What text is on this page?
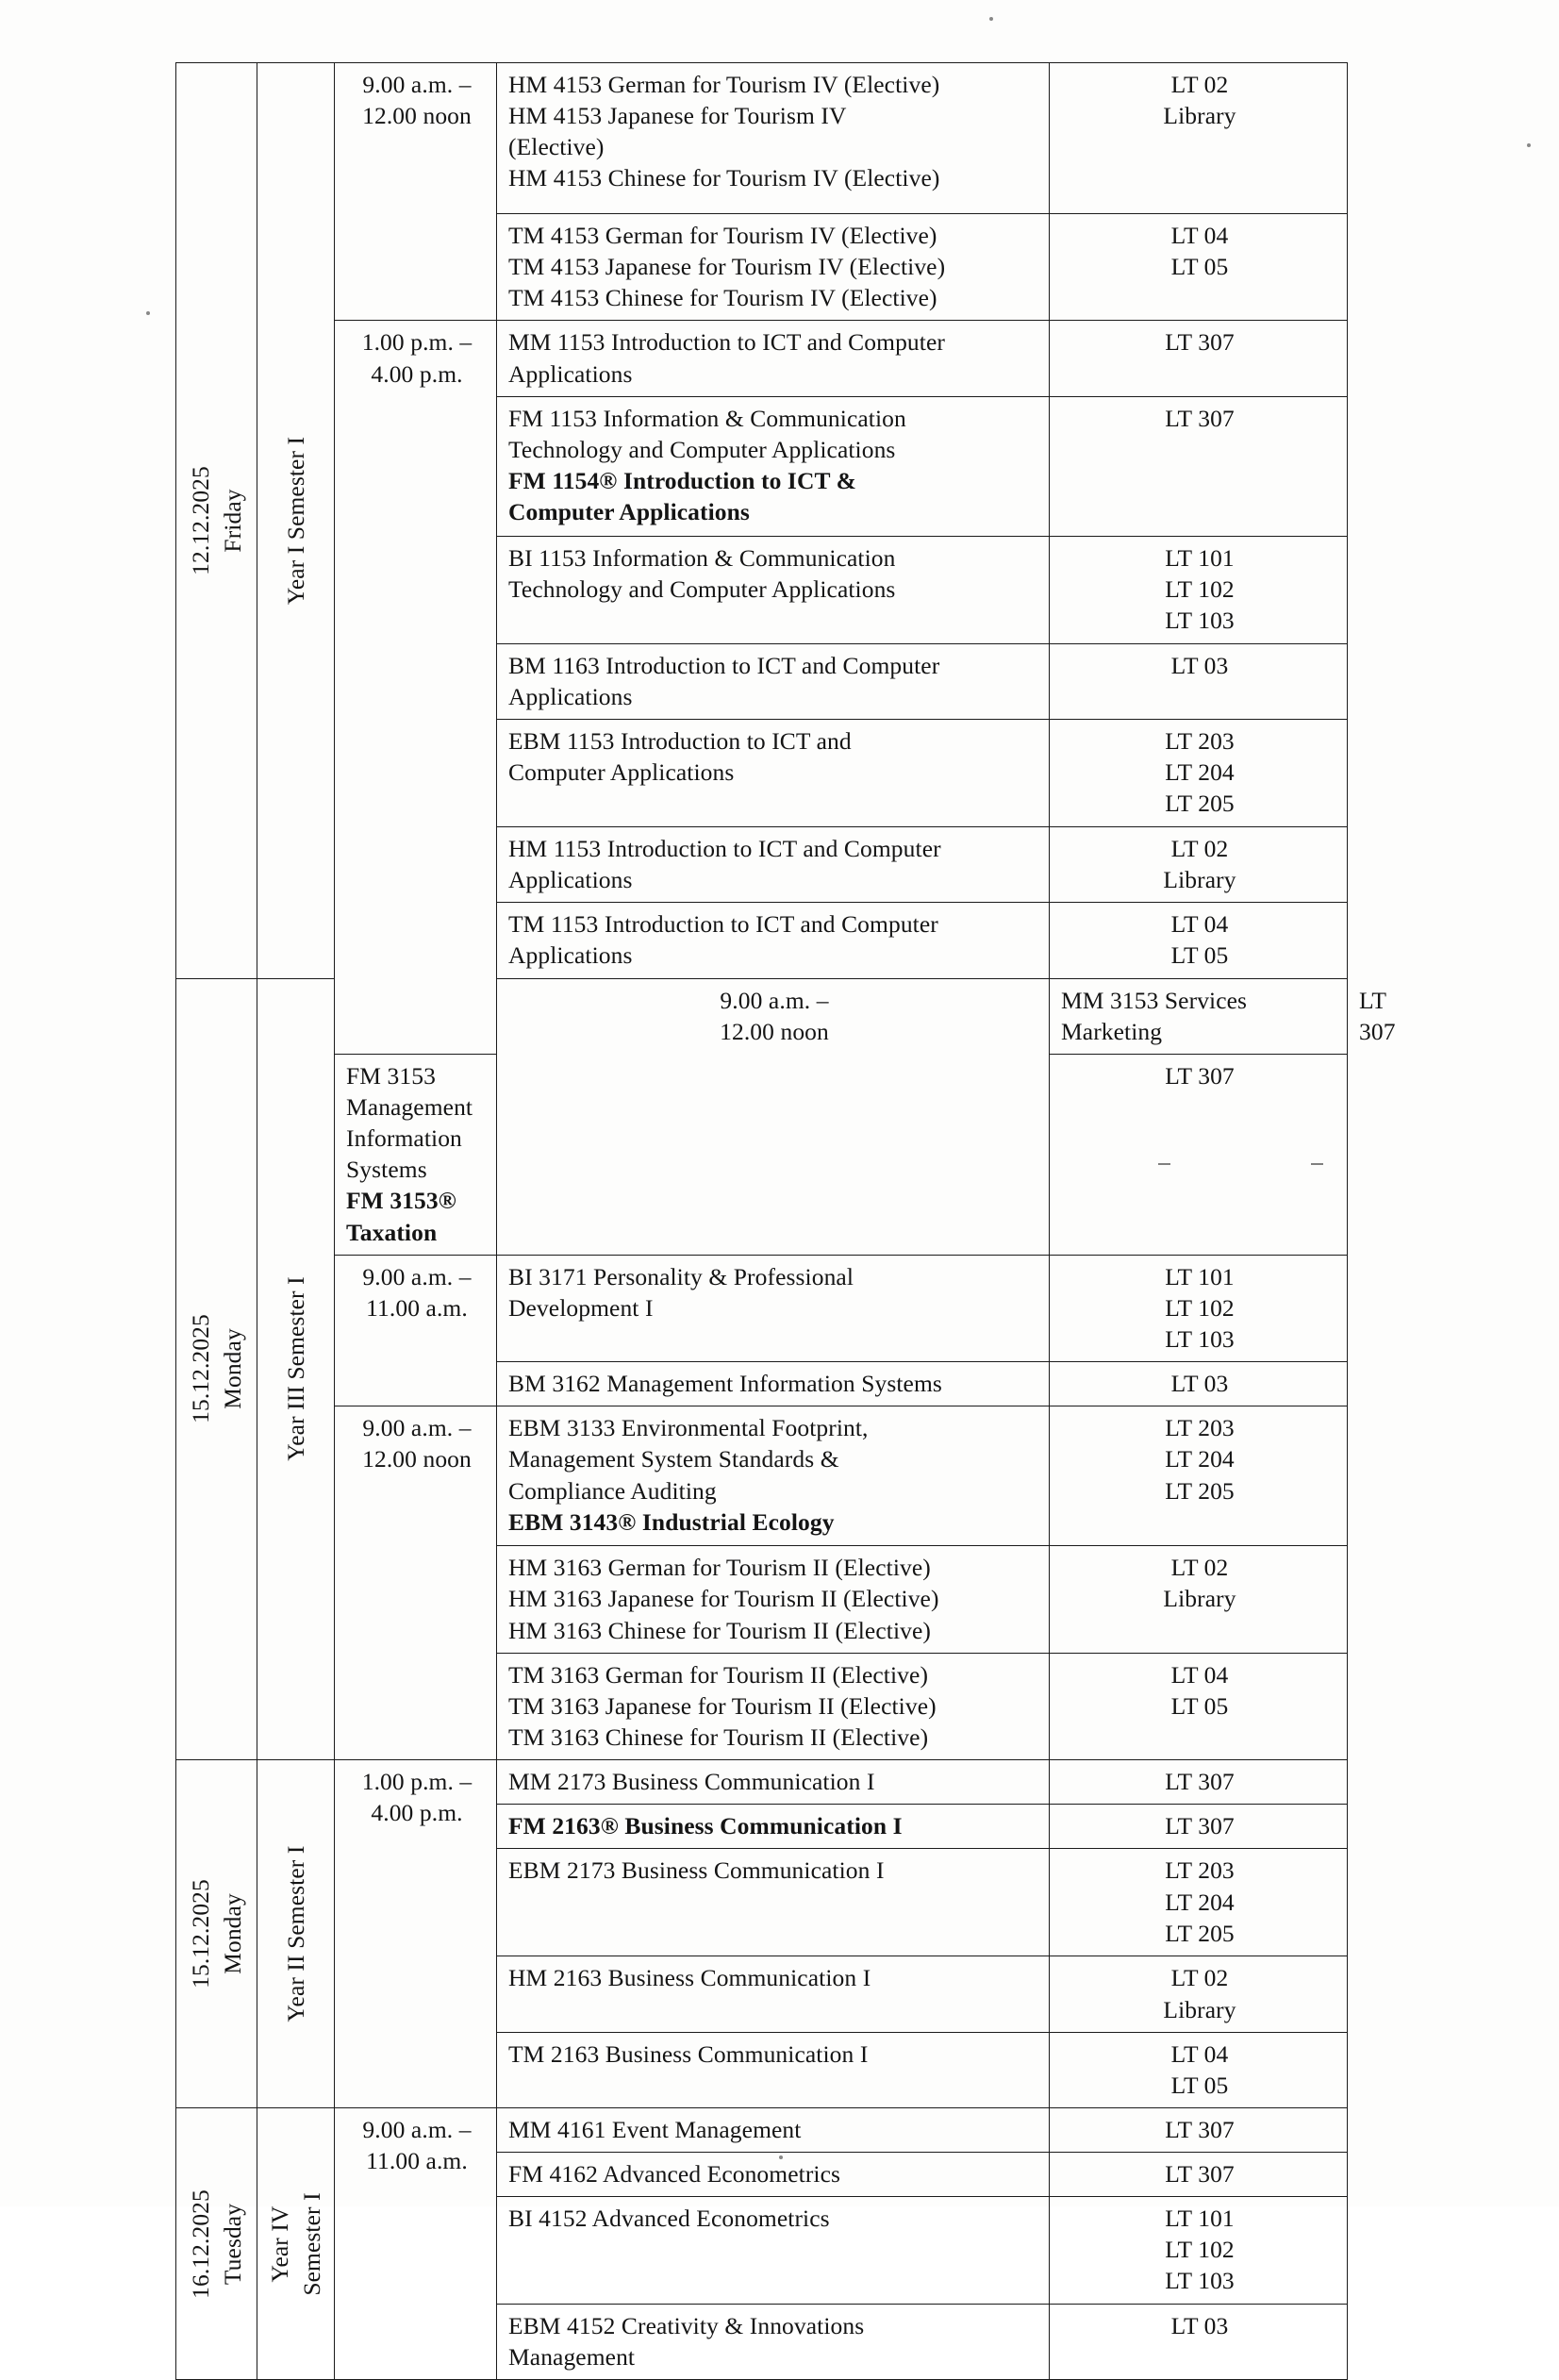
12.12.2025 Friday	Year I Semester I	9.00 a.m. –
12.00 noon	HM 4153 German for Tourism IV (Elective)
HM 4153 Japanese for Tourism IV
(Elective)
HM 4153 Chinese for Tourism IV (Elective)	LT 02
Library	

			TM 4153 German for Tourism IV (Elective)
TM 4153 Japanese for Tourism IV (Elective)
TM 4153 Chinese for Tourism IV (Elective)	LT 04
LT 05	

		1.00 p.m. –
4.00 p.m.	MM 1153 Introduction to ICT and Computer
Applications	LT 307	

			FM 1153 Information & Communication
Technology and Computer Applications
FM 1154® Introduction to ICT &
Computer Applications	LT 307	

			BI 1153 Information & Communication
Technology and Computer Applications	LT 101
LT 102
LT 103	

			BM 1163 Introduction to ICT and Computer
Applications	LT 03	

			EBM 1153 Introduction to ICT and
Computer Applications	LT 203
LT 204
LT 205	

			HM 1153 Introduction to ICT and Computer
Applications	LT 02
Library	

			TM 1153 Introduction to ICT and Computer
Applications	LT 04
LT 05	

15.12.2025 Monday	Year III Semester I		9.00 a.m. –
12.00 noon	MM 3153 Services Marketing	LT 307

		FM 3153 Management Information Systems
FM 3153® Taxation		LT 307	

		9.00 a.m. –
11.00 a.m.	BI 3171 Personality & Professional
Development I	LT 101
LT 102
LT 103	

			BM 3162 Management Information Systems	LT 03	

		9.00 a.m. –
12.00 noon	EBM 3133 Environmental Footprint,
Management System Standards &
Compliance Auditing
EBM 3143® Industrial Ecology	LT 203
LT 204
LT 205	

			HM 3163 German for Tourism II (Elective)
HM 3163 Japanese for Tourism II (Elective)
HM 3163 Chinese for Tourism II (Elective)	LT 02
Library	

			TM 3163 German for Tourism II (Elective)
TM 3163 Japanese for Tourism II (Elective)
TM 3163 Chinese for Tourism II (Elective)	LT 04
LT 05	

15.12.2025 Monday	Year II Semester I	1.00 p.m. –
4.00 p.m.	MM 2173 Business Communication I	LT 307	

			FM 2163® Business Communication I	LT 307	

			EBM 2173 Business Communication I	LT 203
LT 204
LT 205	

			HM 2163 Business Communication I	LT 02
Library	

			TM 2163 Business Communication I	LT 04
LT 05	

16.12.2025 Tuesday	Year IV Semester I	9.00 a.m. –
11.00 a.m.	MM 4161 Event Management	LT 307	

			FM 4162 Advanced Econometrics	LT 307	

			BI 4152 Advanced Econometrics	LT 101
LT 102
LT 103	

			EBM 4152 Creativity & Innovations
Management	LT 03	
